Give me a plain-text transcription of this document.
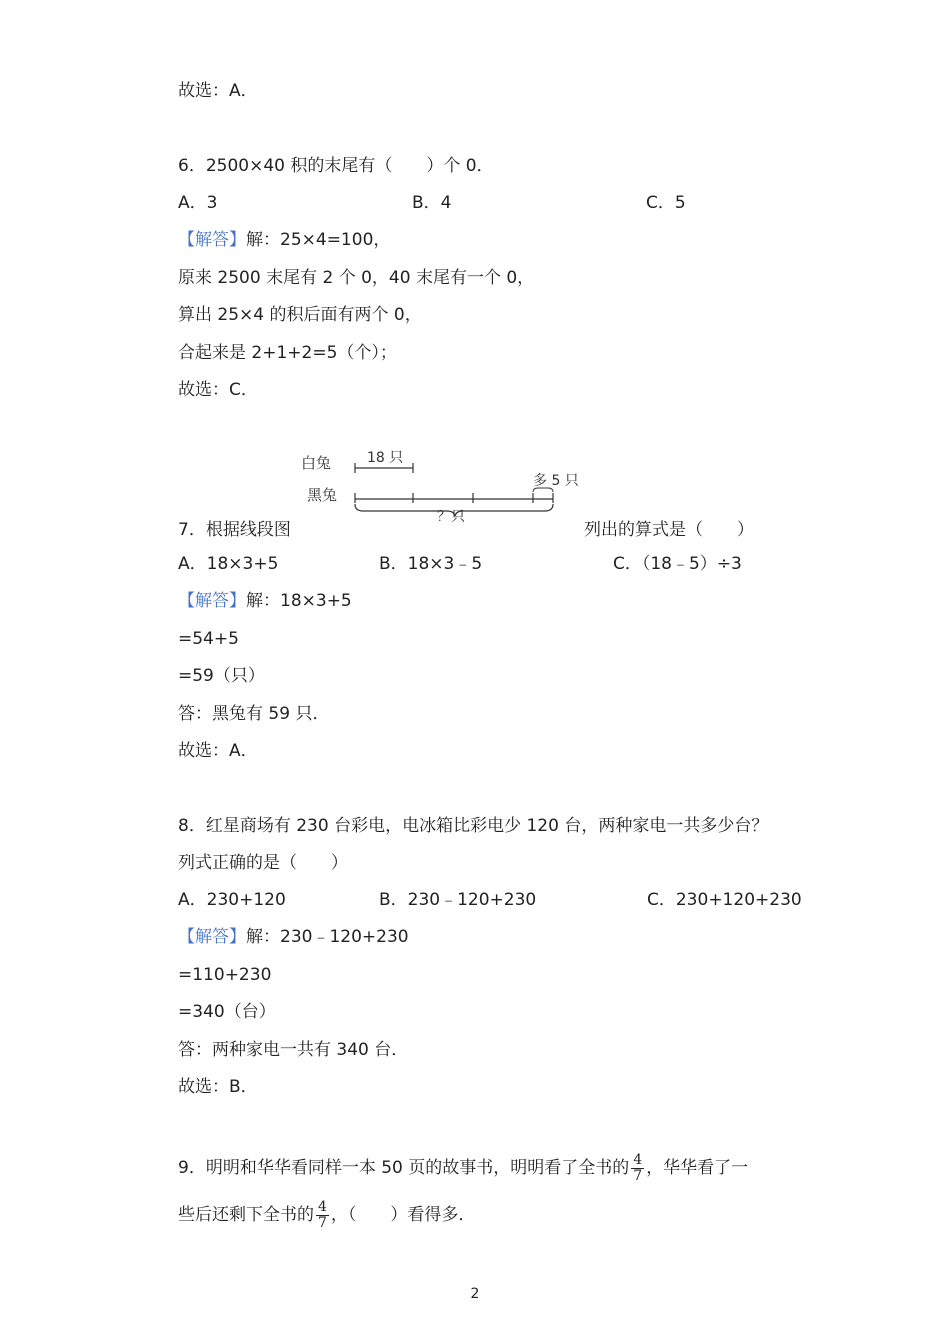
故选：A．
6．2500×40 积的末尾有（　　）个 0．
A．3	B．4	C．5
【解答】解：25×4=100，
原来 2500 末尾有 2 个 0，40 末尾有一个 0，
算出 25×4 的积后面有两个 0，
合起来是 2+1+2=5（个）；
故选：C．
白兔
黑兔
18 只
多 5 只
？只
7．根据线段图	列出的算式是（　　）
A．18×3+5	B．18×3﹣5	C．（18﹣5）÷3
【解答】解：18×3+5
=54+5
=59（只）
答：黑兔有 59 只．
故选：A．
8．红星商场有 230 台彩电，电冰箱比彩电少 120 台，两种家电一共多少台？
列式正确的是（　　）
A．230+120	B．230﹣120+230	C．230+120+230
【解答】解：230﹣120+230
=110+230
=340（台）
答：两种家电一共有 340 台．
故选：B．
9．明明和华华看同样一本 50 页的故事书，明明看了全书的 $\frac{4}{7}$ ，华华看了一
些后还剩下全书的 $\frac{4}{7}$ ，（　　）看得多．
2
